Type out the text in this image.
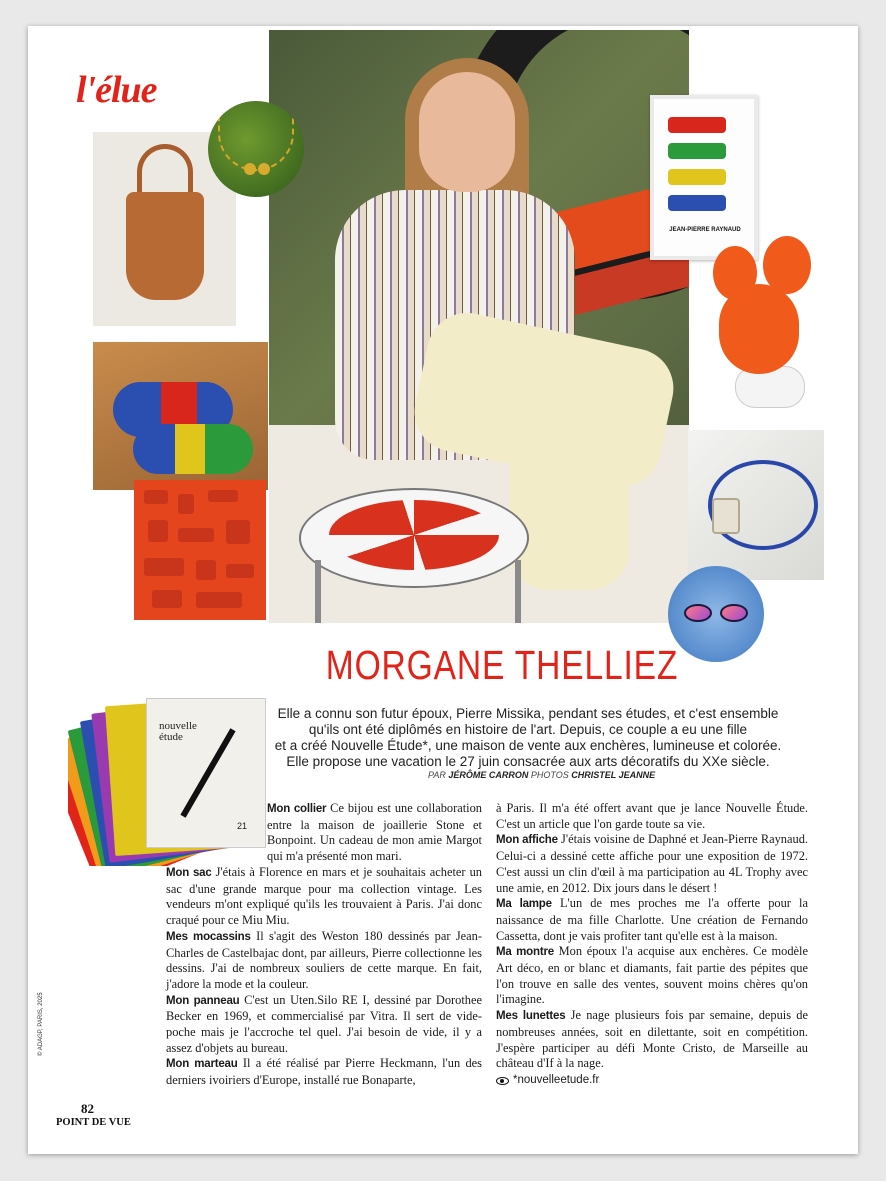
l'élue
JEAN-PIERRE RAYNAUD
nouvelle
étude
21
MORGANE THELLIEZ
Elle a connu son futur époux, Pierre Missika, pendant ses études, et c'est ensemble
qu'ils ont été diplômés en histoire de l'art. Depuis, ce couple a eu une fille
et a créé Nouvelle Étude*, une maison de vente aux enchères, lumineuse et colorée.
Elle propose une vacation le 27 juin consacrée aux arts décoratifs du XXe siècle.
PAR JÉRÔME CARRON PHOTOS CHRISTEL JEANNE

Mon collier Ce bijou est une collaboration entre la maison de joaillerie Stone et Bonpoint. Un cadeau de mon amie Margot qui m'a présenté mon mari.

Mon sac J'étais à Florence en mars et je souhaitais acheter un sac d'une grande marque pour ma collection vintage. Les vendeurs m'ont expliqué qu'ils les trouvaient à Paris. J'ai donc craqué pour ce Miu Miu.

Mes mocassins Il s'agit des Weston 180 dessinés par Jean-Charles de Castelbajac dont, par ailleurs, Pierre collectionne les dessins. J'ai de nombreux souliers de cette marque. En fait, j'adore la mode et la couleur.

Mon panneau C'est un Uten.Silo RE I, dessiné par Dorothee Becker en 1969, et commercialisé par Vitra. Il sert de vide-poche mais je l'accroche tel quel. J'ai besoin de vide, il y a assez d'objets au bureau.

Mon marteau Il a été réalisé par Pierre Heckmann, l'un des derniers ivoiriers d'Europe, installé rue Bonaparte,

à Paris. Il m'a été offert avant que je lance Nouvelle Étude. C'est un article que l'on garde toute sa vie.

Mon affiche J'étais voisine de Daphné et Jean-Pierre Raynaud. Celui-ci a dessiné cette affiche pour une exposition de 1972. C'est aussi un clin d'œil à ma participation au 4L Trophy avec une amie, en 2012. Dix jours dans le désert !

Ma lampe L'un de mes proches me l'a offerte pour la naissance de ma fille Charlotte. Une création de Fernando Cassetta, dont je vais profiter tant qu'elle est à la maison.

Ma montre Mon époux l'a acquise aux enchères. Ce modèle Art déco, en or blanc et diamants, fait partie des pépites que l'on trouve en salle des ventes, souvent moins chères qu'on l'imagine.

Mes lunettes Je nage plusieurs fois par semaine, depuis de nombreuses années, soit en dilettante, soit en compétition. J'espère participer au défi Monte Cristo, de Marseille au château d'If à la nage.

*nouvelleetude.fr
© ADAGP, PARIS, 2025
82
POINT DE VUE
